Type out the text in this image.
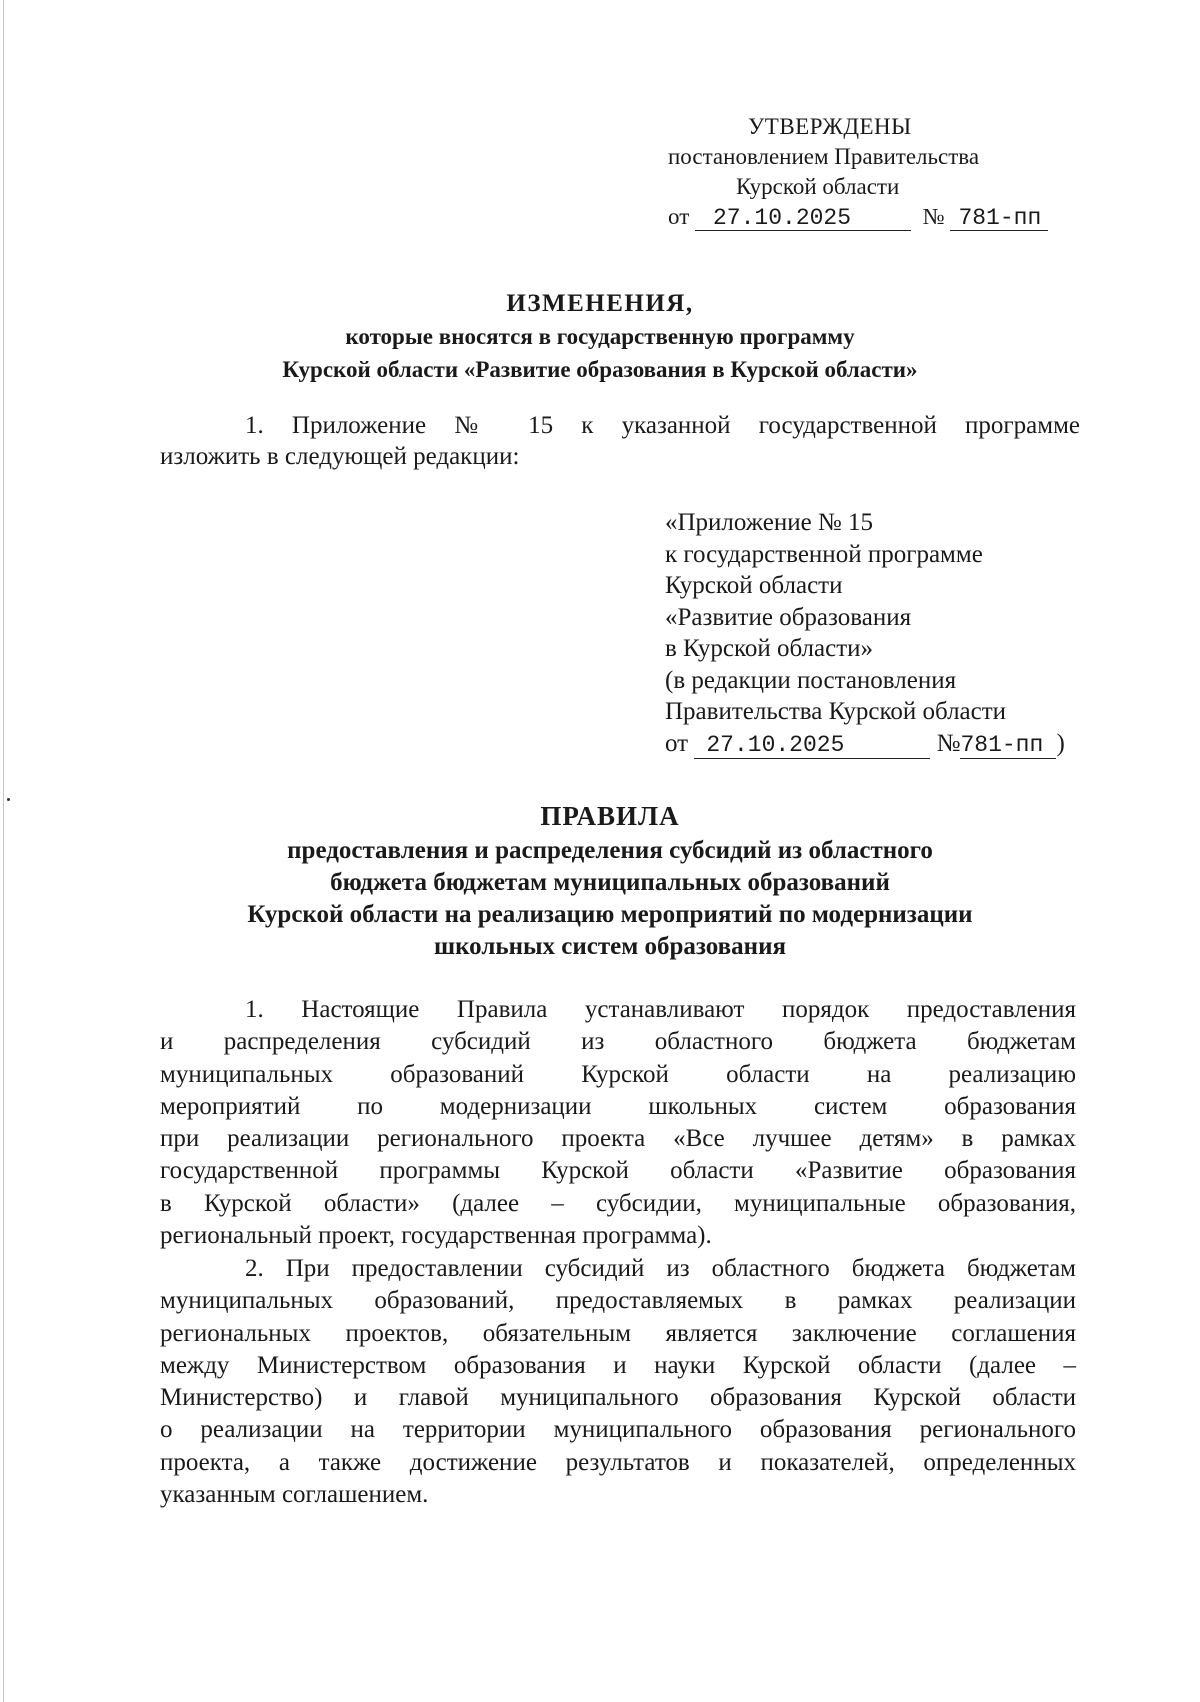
УТВЕРЖДЕНЫ
постановлением Правительства
Курской области
от 27.10.2025	№ 781-пп
ИЗМЕНЕНИЯ,
которые вносятся в государственную программу
Курской области «Развитие образования в Курской области»
1. Приложение № 15 к указанной государственной программе
изложить в следующей редакции:
«Приложение № 15
к государственной программе
Курской области
«Развитие образования
в Курской области»
(в редакции постановления
Правительства Курской области
от 27.10.2025	№781-пп )
ПРАВИЛА
предоставления и распределения субсидий из областного
бюджета бюджетам муниципальных образований
Курской области на реализацию мероприятий по модернизации
школьных систем образования
1. Настоящие Правила устанавливают порядок предоставления
и распределения субсидий из областного бюджета бюджетам
муниципальных образований Курской области на реализацию
мероприятий по модернизации школьных систем образования
при реализации регионального проекта «Все лучшее детям» в рамках
государственной программы Курской области «Развитие образования
в Курской области» (далее – субсидии, муниципальные образования,
региональный проект, государственная программа).
2. При предоставлении субсидий из областного бюджета бюджетам
муниципальных образований, предоставляемых в рамках реализации
региональных проектов, обязательным является заключение соглашения
между Министерством образования и науки Курской области (далее –
Министерство) и главой муниципального образования Курской области
о реализации на территории муниципального образования регионального
проекта, а также достижение результатов и показателей, определенных
указанным соглашением.
